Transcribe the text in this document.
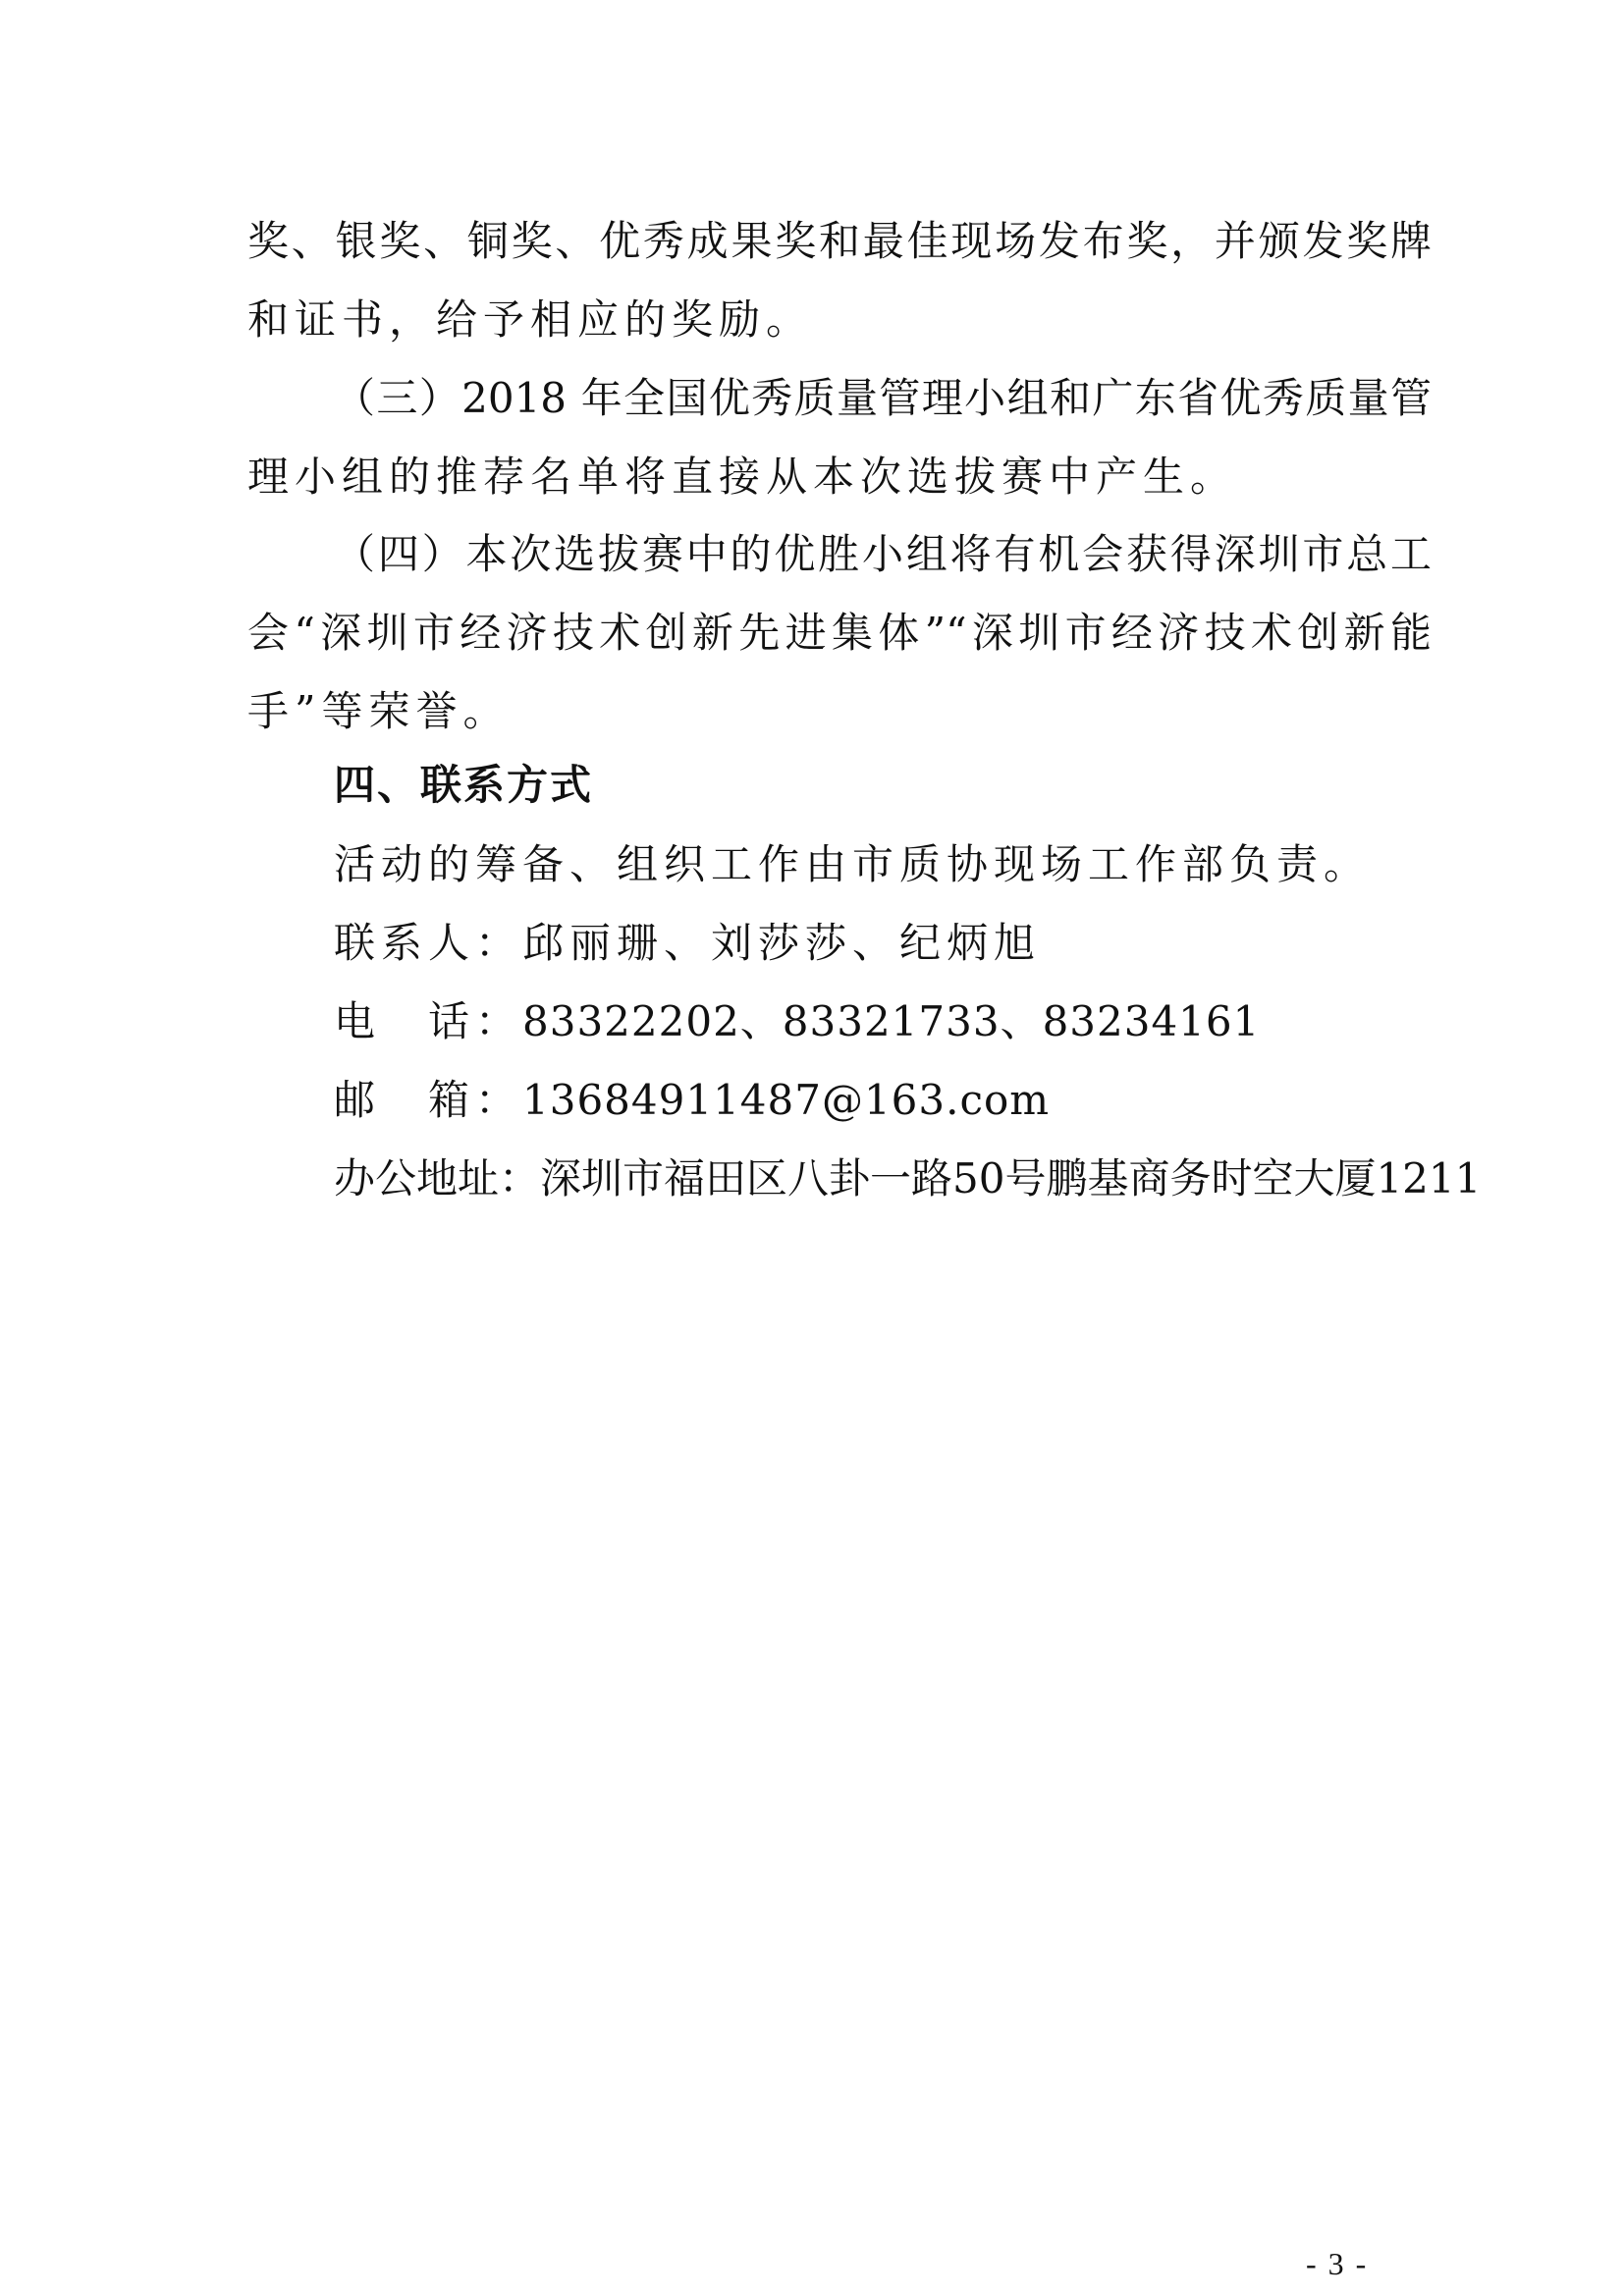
奖、银奖、铜奖、优秀成果奖和最佳现场发布奖，并颁发奖牌
和证书，给予相应的奖励。
（三）2018 年全国优秀质量管理小组和广东省优秀质量管
理小组的推荐名单将直接从本次选拔赛中产生。
（四）本次选拔赛中的优胜小组将有机会获得深圳市总工
会“深圳市经济技术创新先进集体”“深圳市经济技术创新能
手”等荣誉。
四、联系方式
活动的筹备、组织工作由市质协现场工作部负责。
联系人：邱丽珊、刘莎莎、纪炳旭
电　话：83322202、83321733、83234161
邮　箱：13684911487@163.com
办公地址：深圳市福田区八卦一路50号鹏基商务时空大厦1211
- 3 -
